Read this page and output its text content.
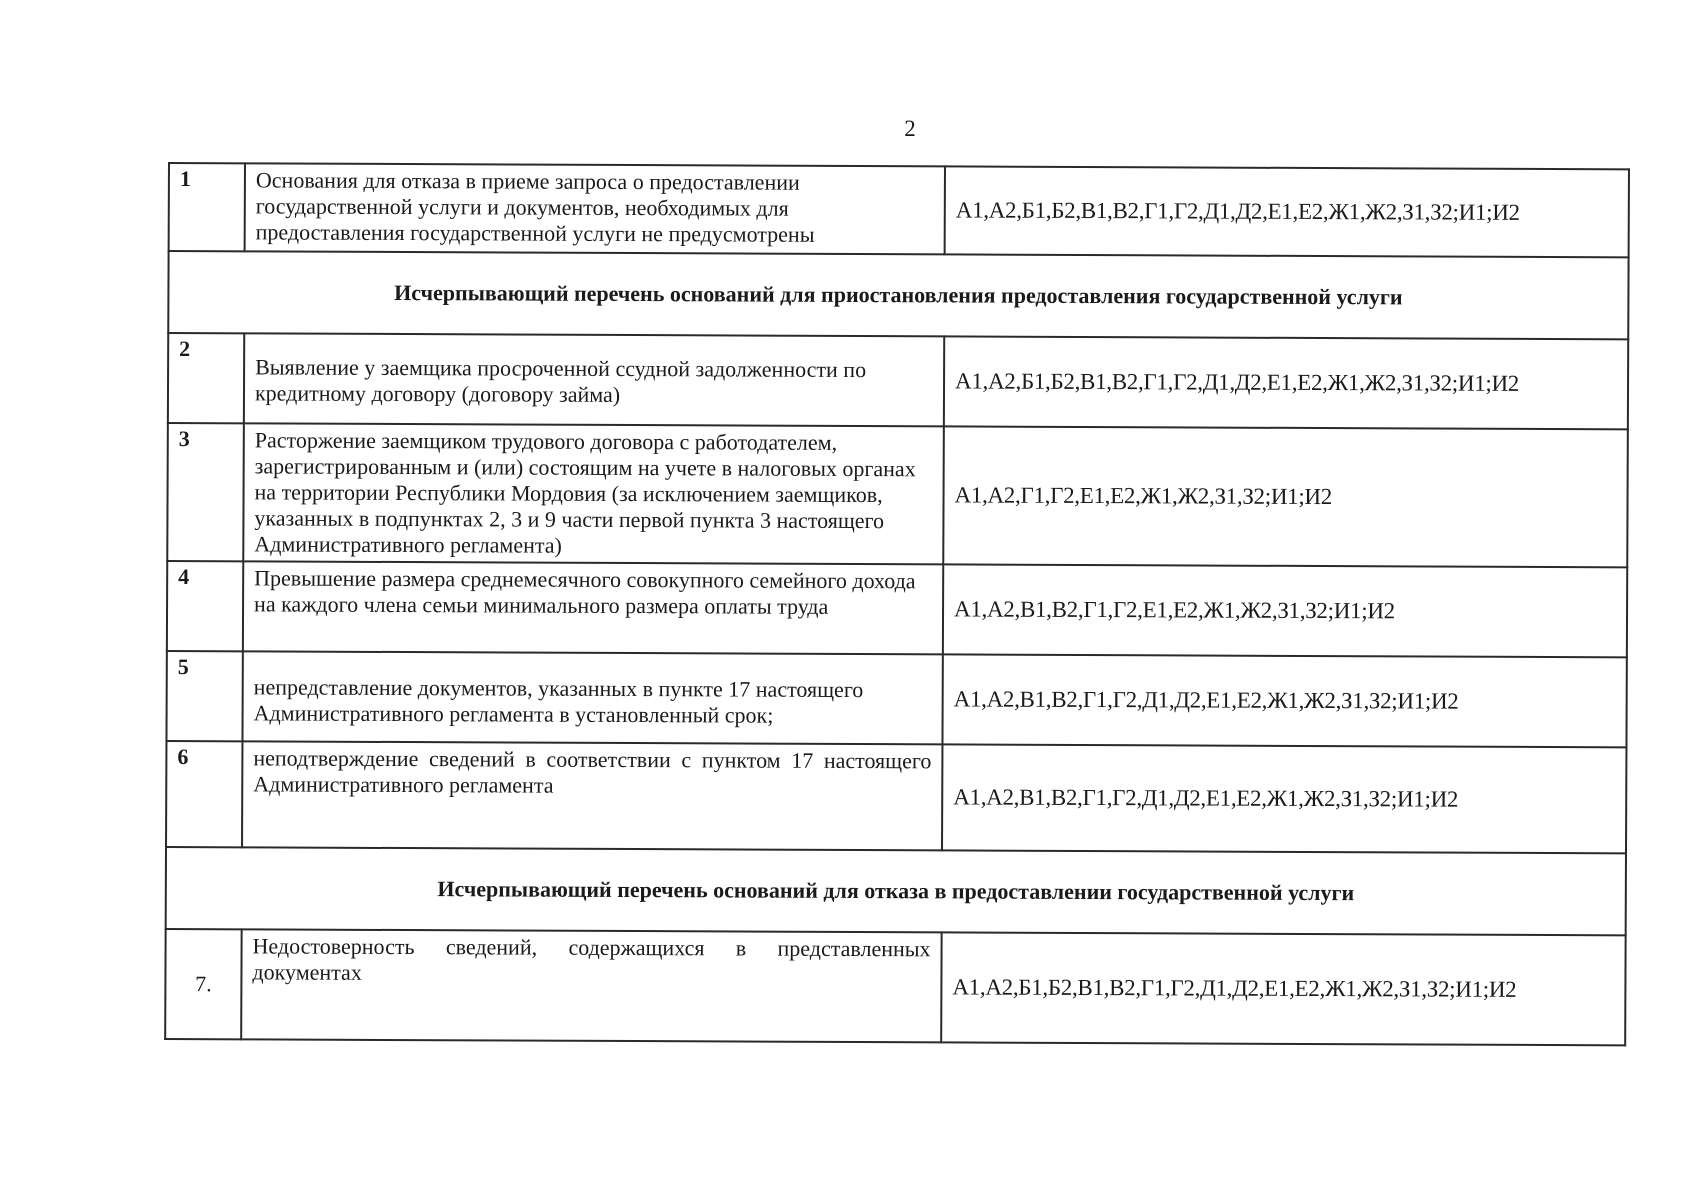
2
1	Основания для отказа в приеме запроса о предоставлении государственной услуги и документов, необходимых для предоставления государственной услуги не предусмотрены	А1,А2,Б1,Б2,В1,В2,Г1,Г2,Д1,Д2,Е1,Е2,Ж1,Ж2,З1,З2;И1;И2
Исчерпывающий перечень оснований для приостановления предоставления государственной услуги		
2	Выявление у заемщика просроченной ссудной задолженности по кредитному договору (договору займа)	А1,А2,Б1,Б2,В1,В2,Г1,Г2,Д1,Д2,Е1,Е2,Ж1,Ж2,З1,З2;И1;И2
3	Расторжение заемщиком трудового договора с работодателем, зарегистрированным и (или) состоящим на учете в налоговых органах на территории Республики Мордовия (за исключением заемщиков, указанных в подпунктах 2, 3 и 9 части первой пункта 3 настоящего Административного регламента)	А1,А2,Г1,Г2,Е1,Е2,Ж1,Ж2,З1,З2;И1;И2
4	Превышение размера среднемесячного совокупного семейного дохода на каждого члена семьи минимального размера оплаты труда	А1,А2,В1,В2,Г1,Г2,Е1,Е2,Ж1,Ж2,З1,З2;И1;И2
5	непредставление документов, указанных в пункте 17 настоящего Административного регламента в установленный срок;	А1,А2,В1,В2,Г1,Г2,Д1,Д2,Е1,Е2,Ж1,Ж2,З1,З2;И1;И2
6	неподтверждение сведений в соответствии с пунктом 17 настоящего Административного регламента	А1,А2,В1,В2,Г1,Г2,Д1,Д2,Е1,Е2,Ж1,Ж2,З1,З2;И1;И2
Исчерпывающий перечень оснований для отказа в предоставлении государственной услуги		
7.	Недостоверность сведений, содержащихся в представленных документах	А1,А2,Б1,Б2,В1,В2,Г1,Г2,Д1,Д2,Е1,Е2,Ж1,Ж2,З1,З2;И1;И2
